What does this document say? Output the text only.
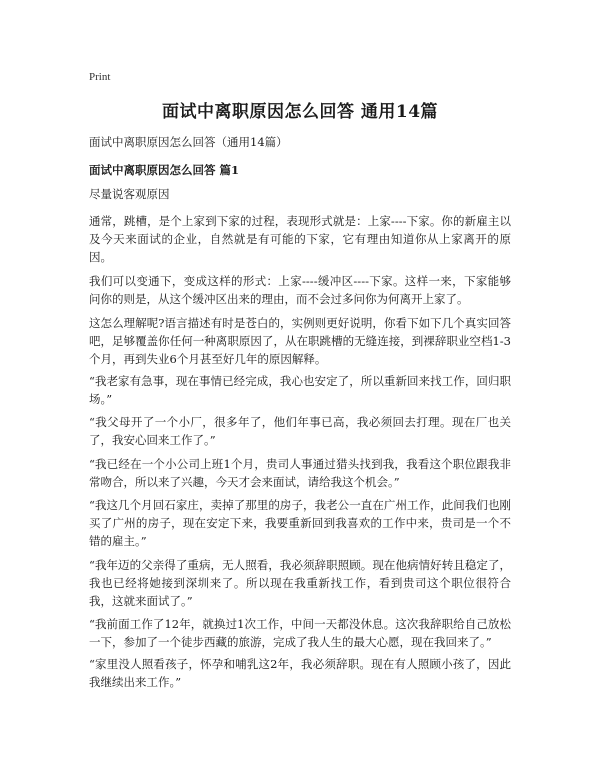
Print
面试中离职原因怎么回答 通用14篇
面试中离职原因怎么回答（通用14篇）
面试中离职原因怎么回答 篇1
尽量说客观原因
通常，跳槽，是个上家到下家的过程，表现形式就是：上家----下家。你的新雇主以及今天来面试的企业，自然就是有可能的下家，它有理由知道你从上家离开的原因。
我们可以变通下，变成这样的形式：上家----缓冲区----下家。这样一来，下家能够问你的则是，从这个缓冲区出来的理由，而不会过多问你为何离开上家了。
这怎么理解呢?语言描述有时是苍白的，实例则更好说明，你看下如下几个真实回答吧，足够覆盖你任何一种离职原因了，从在职跳槽的无缝连接，到裸辞职业空档1-3个月，再到失业6个月甚至好几年的原因解释。
“我老家有急事，现在事情已经完成，我心也安定了，所以重新回来找工作，回归职场。”
“我父母开了一个小厂，很多年了，他们年事已高，我必须回去打理。现在厂也关了，我安心回来工作了。”
“我已经在一个小公司上班1个月，贵司人事通过猎头找到我，我看这个职位跟我非常吻合，所以来了兴趣，今天才会来面试，请给我这个机会。”
“我这几个月回石家庄，卖掉了那里的房子，我老公一直在广州工作，此间我们也刚买了广州的房子，现在安定下来，我要重新回到我喜欢的工作中来，贵司是一个不错的雇主。”
“我年迈的父亲得了重病，无人照看，我必须辞职照顾。现在他病情好转且稳定了，我也已经将她接到深圳来了。所以现在我重新找工作，看到贵司这个职位很符合我，这就来面试了。”
“我前面工作了12年，就换过1次工作，中间一天都没休息。这次我辞职给自己放松一下，参加了一个徒步西藏的旅游，完成了我人生的最大心愿，现在我回来了。”
“家里没人照看孩子，怀孕和哺乳这2年，我必须辞职。现在有人照顾小孩了，因此我继续出来工作。”
